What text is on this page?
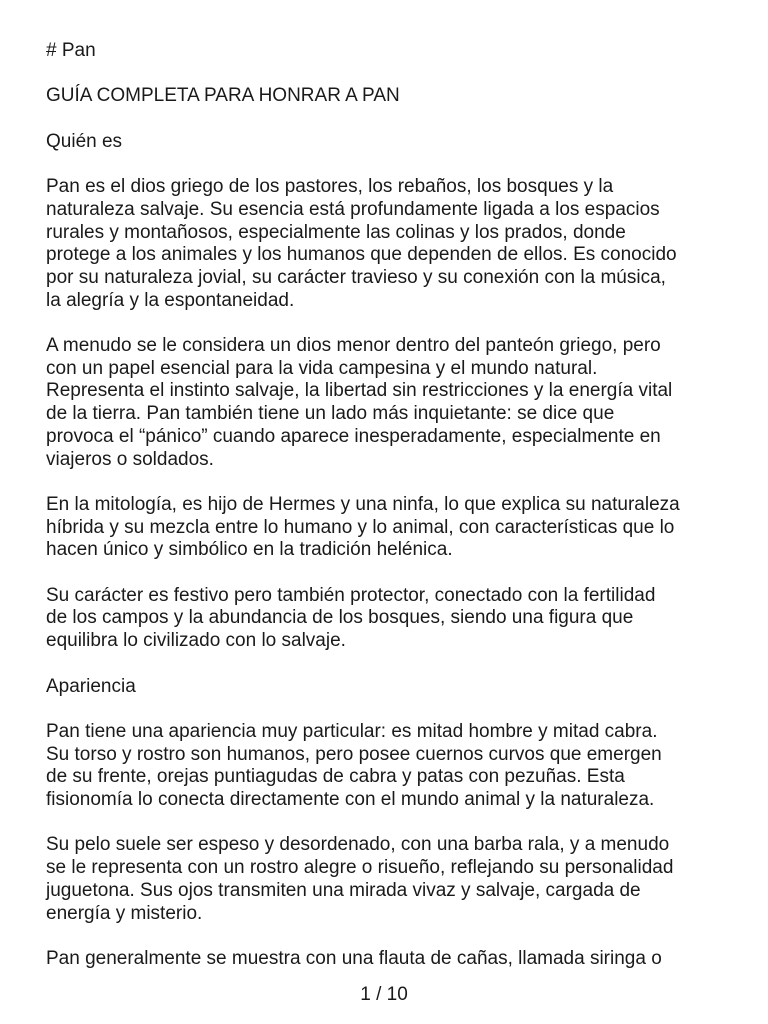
# Pan

GUÍA COMPLETA PARA HONRAR A PAN

Quién es

Pan es el dios griego de los pastores, los rebaños, los bosques y la

naturaleza salvaje. Su esencia está profundamente ligada a los espacios

rurales y montañosos, especialmente las colinas y los prados, donde

protege a los animales y los humanos que dependen de ellos. Es conocido

por su naturaleza jovial, su carácter travieso y su conexión con la música,

la alegría y la espontaneidad.

A menudo se le considera un dios menor dentro del panteón griego, pero

con un papel esencial para la vida campesina y el mundo natural.

Representa el instinto salvaje, la libertad sin restricciones y la energía vital

de la tierra. Pan también tiene un lado más inquietante: se dice que

provoca el “pánico” cuando aparece inesperadamente, especialmente en

viajeros o soldados.

En la mitología, es hijo de Hermes y una ninfa, lo que explica su naturaleza

híbrida y su mezcla entre lo humano y lo animal, con características que lo

hacen único y simbólico en la tradición helénica.

Su carácter es festivo pero también protector, conectado con la fertilidad

de los campos y la abundancia de los bosques, siendo una figura que

equilibra lo civilizado con lo salvaje.

Apariencia

Pan tiene una apariencia muy particular: es mitad hombre y mitad cabra.

Su torso y rostro son humanos, pero posee cuernos curvos que emergen

de su frente, orejas puntiagudas de cabra y patas con pezuñas. Esta

fisionomía lo conecta directamente con el mundo animal y la naturaleza.

Su pelo suele ser espeso y desordenado, con una barba rala, y a menudo

se le representa con un rostro alegre o risueño, reflejando su personalidad

juguetona. Sus ojos transmiten una mirada vivaz y salvaje, cargada de

energía y misterio.

Pan generalmente se muestra con una flauta de cañas, llamada siringa o

1 / 10
